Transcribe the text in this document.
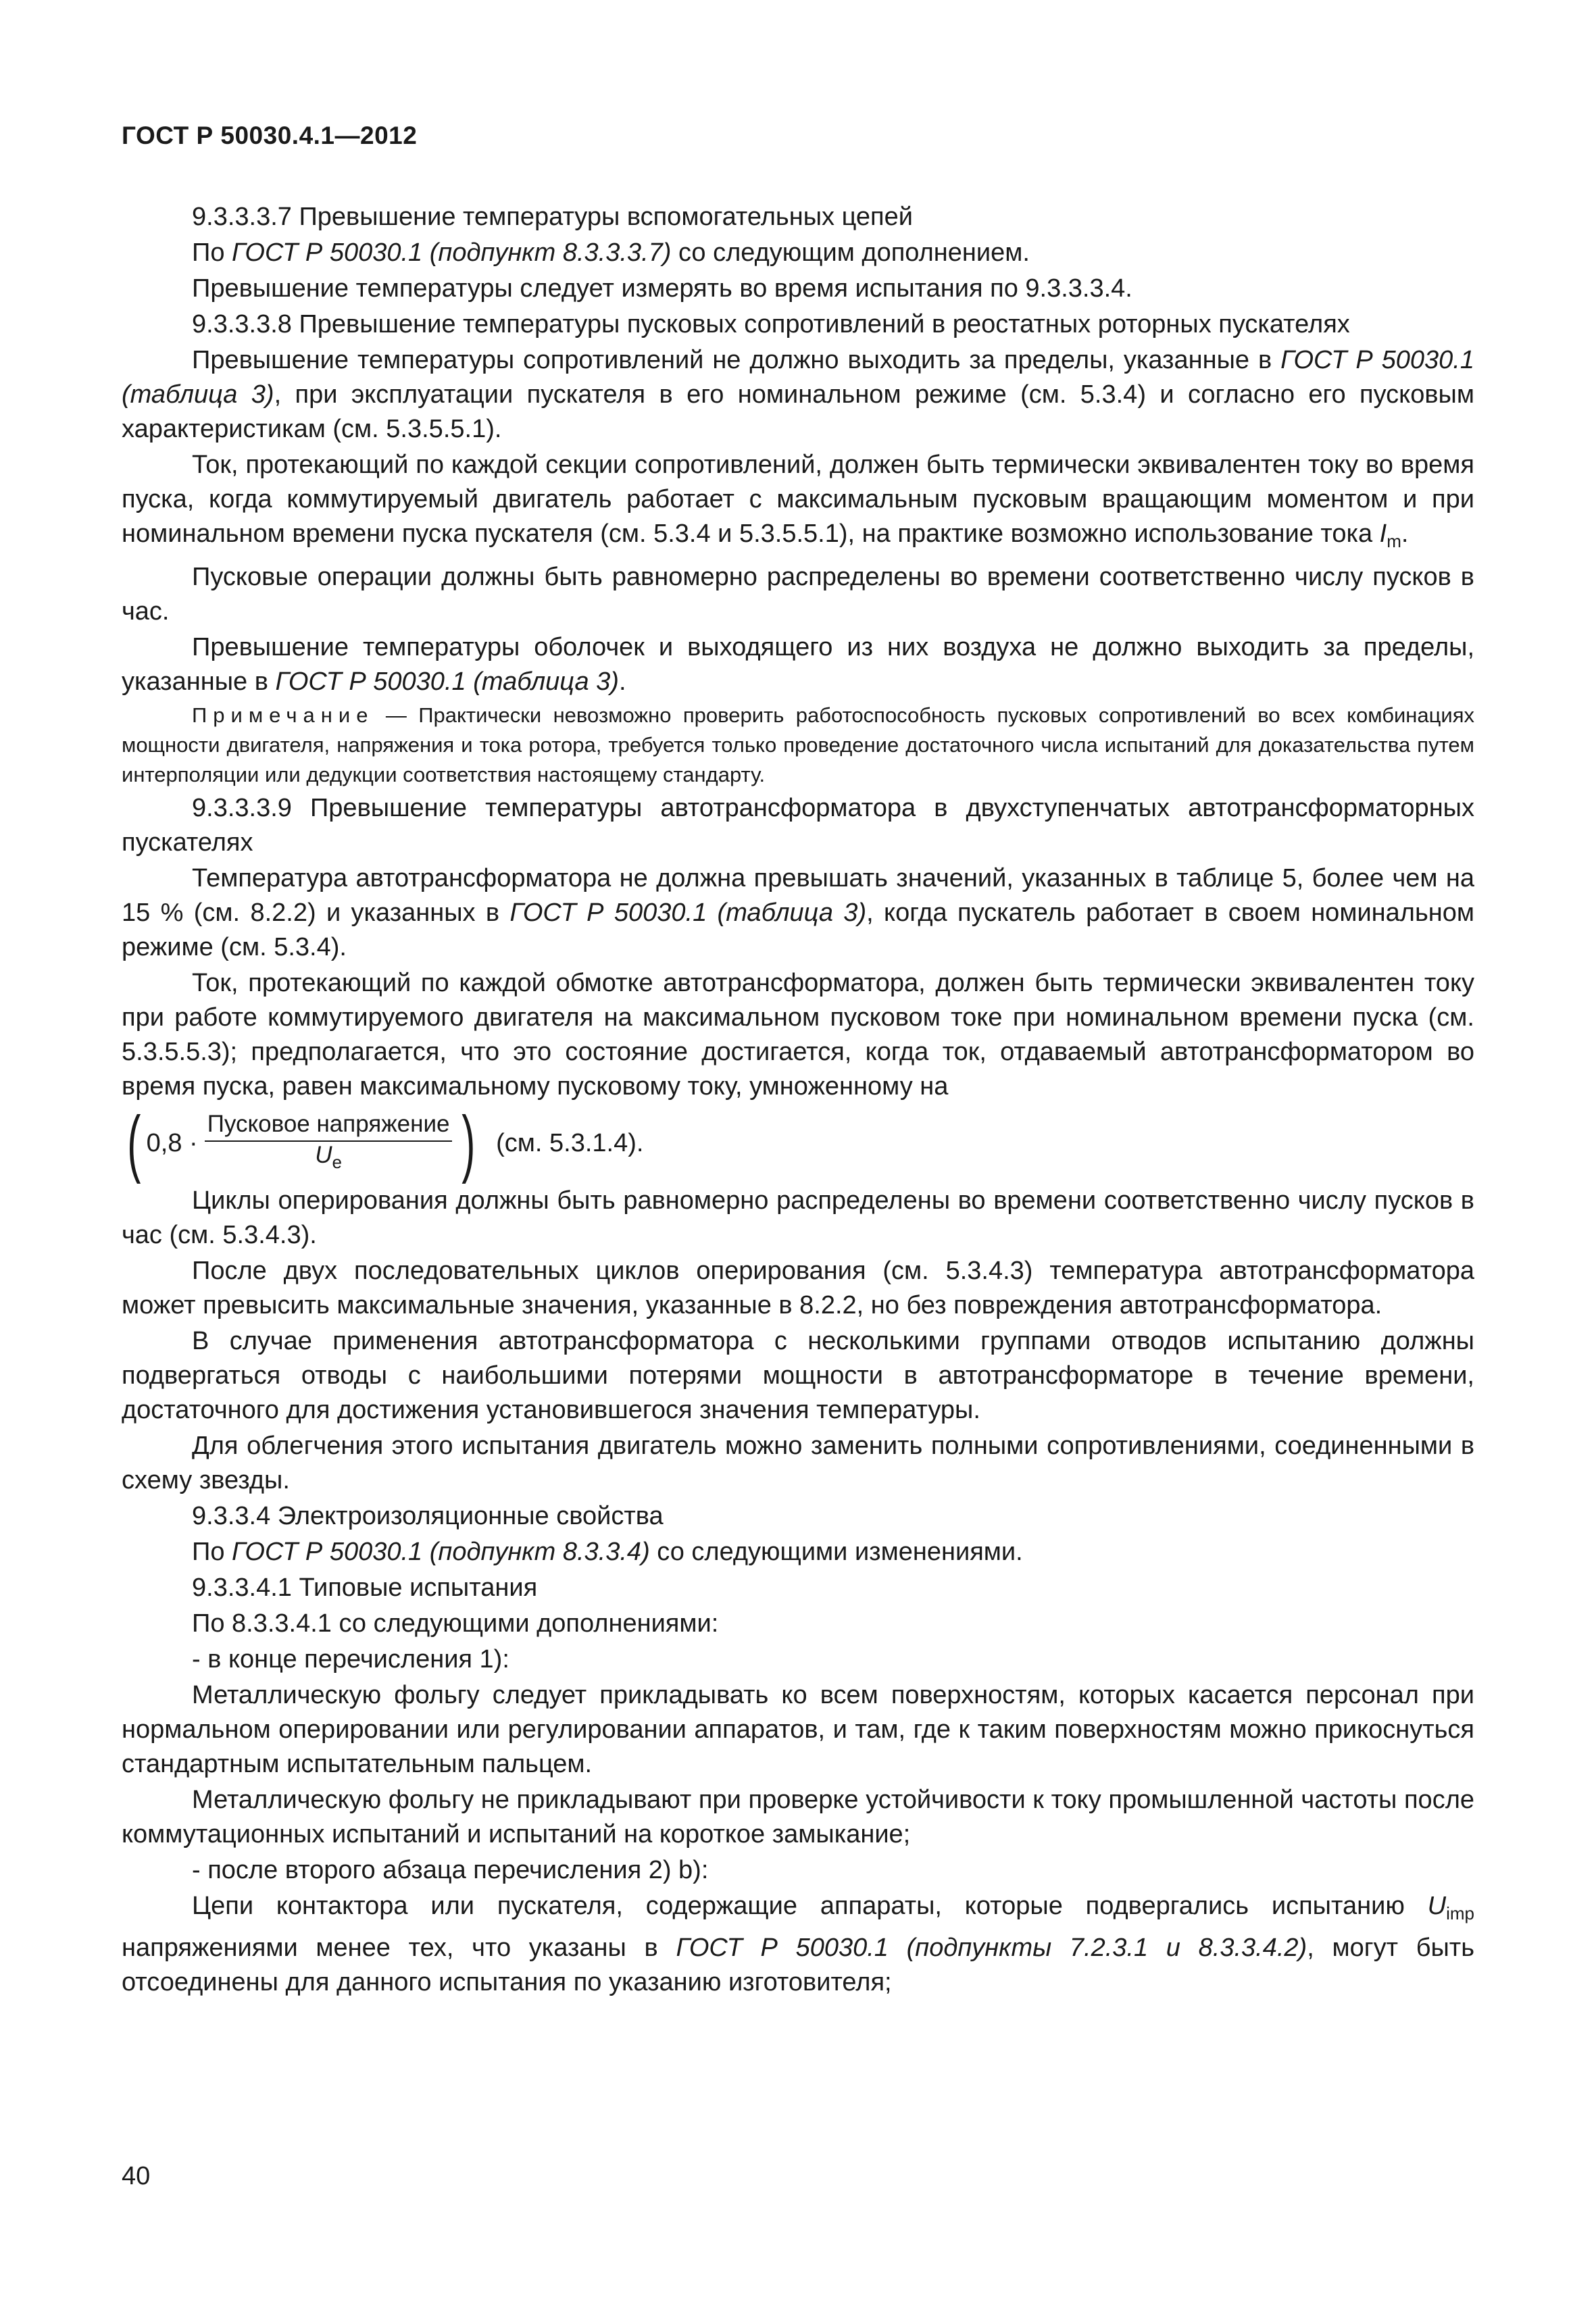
ГОСТ Р 50030.4.1—2012

9.3.3.3.7 Превышение температуры вспомогательных цепей

По ГОСТ Р 50030.1 (подпункт 8.3.3.3.7) со следующим дополнением.

Превышение температуры следует измерять во время испытания по 9.3.3.3.4.

9.3.3.3.8 Превышение температуры пусковых сопротивлений в реостатных роторных пускателях

Превышение температуры сопротивлений не должно выходить за пределы, указанные в ГОСТ Р 50030.1 (таблица 3), при эксплуатации пускателя в его номинальном режиме (см. 5.3.4) и согласно его пусковым характеристикам (см. 5.3.5.5.1).

Ток, протекающий по каждой секции сопротивлений, должен быть термически эквивалентен току во время пуска, когда коммутируемый двигатель работает с максимальным пусковым вращающим моментом и при номинальном времени пуска пускателя (см. 5.3.4 и 5.3.5.5.1), на практике возможно использование тока $I_m$.

Пусковые операции должны быть равномерно распределены во времени соответственно числу пусков в час.

Превышение температуры оболочек и выходящего из них воздуха не должно выходить за пределы, указанные в ГОСТ Р 50030.1 (таблица 3).

Примечание — Практически невозможно проверить работоспособность пусковых сопротивлений во всех комбинациях мощности двигателя, напряжения и тока ротора, требуется только проведение достаточного числа испытаний для доказательства путем интерполяции или дедукции соответствия настоящему стандарту.

9.3.3.3.9 Превышение температуры автотрансформатора в двухступенчатых автотрансформаторных пускателях

Температура автотрансформатора не должна превышать значений, указанных в таблице 5, более чем на 15 % (см. 8.2.2) и указанных в ГОСТ Р 50030.1 (таблица 3), когда пускатель работает в своем номинальном режиме (см. 5.3.4).

Ток, протекающий по каждой обмотке автотрансформатора, должен быть термически эквивалентен току при работе коммутируемого двигателя на максимальном пусковом токе при номинальном времени пуска (см. 5.3.5.5.3); предполагается, что это состояние достигается, когда ток, отдаваемый автотрансформатором во время пуска, равен максимальному пусковому току, умноженному на

( $0,8 \cdot \frac{\text{Пусковое напряжение}}{U_e}$ ) (см. 5.3.1.4).

Циклы оперирования должны быть равномерно распределены во времени соответственно числу пусков в час (см. 5.3.4.3).

После двух последовательных циклов оперирования (см. 5.3.4.3) температура автотрансформатора может превысить максимальные значения, указанные в 8.2.2, но без повреждения автотрансформатора.

В случае применения автотрансформатора с несколькими группами отводов испытанию должны подвергаться отводы с наибольшими потерями мощности в автотрансформаторе в течение времени, достаточного для достижения установившегося значения температуры.

Для облегчения этого испытания двигатель можно заменить полными сопротивлениями, соединенными в схему звезды.

9.3.3.4 Электроизоляционные свойства

По ГОСТ Р 50030.1 (подпункт 8.3.3.4) со следующими изменениями.

9.3.3.4.1 Типовые испытания

По 8.3.3.4.1 со следующими дополнениями:

- в конце перечисления 1):

Металлическую фольгу следует прикладывать ко всем поверхностям, которых касается персонал при нормальном оперировании или регулировании аппаратов, и там, где к таким поверхностям можно прикоснуться стандартным испытательным пальцем.

Металлическую фольгу не прикладывают при проверке устойчивости к току промышленной частоты после коммутационных испытаний и испытаний на короткое замыкание;

- после второго абзаца перечисления 2) b):

Цепи контактора или пускателя, содержащие аппараты, которые подвергались испытанию $U_{imp}$ напряжениями менее тех, что указаны в ГОСТ Р 50030.1 (подпункты 7.2.3.1 и 8.3.3.4.2), могут быть отсоединены для данного испытания по указанию изготовителя;

40
